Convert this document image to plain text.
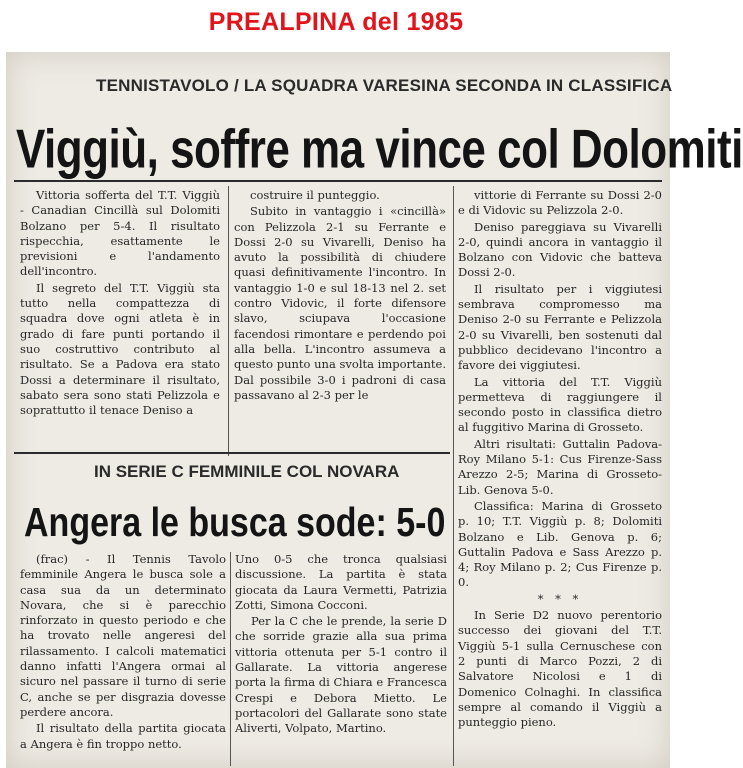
PREALPINA del 1985
TENNISTAVOLO / LA SQUADRA VARESINA SECONDA IN CLASSIFICA
Viggiù, soffre ma vince col Dolomiti

Vittoria sofferta del T.T. Viggiù - Canadian Cincillà sul Dolomiti Bolzano per 5-4. Il risultato rispecchia, esattamente le previsioni e l'andamento dell'incontro.

Il segreto del T.T. Viggiù sta tutto nella compattezza di squadra dove ogni atleta è in grado di fare punti portando il suo costruttivo contributo al risultato. Se a Padova era stato Dossi a determinare il risultato, sabato sera sono stati Pelizzola e soprattutto il tenace Deniso a

costruire il punteggio.

Subito in vantaggio i «cincillà» con Pelizzola 2-1 su Ferrante e Dossi 2-0 su Vivarelli, Deniso ha avuto la possibilità di chiudere quasi definitivamente l'incontro. In vantaggio 1-0 e sul 18-13 nel 2. set contro Vidovic, il forte difensore slavo, sciupava l'occasione facendosi rimontare e perdendo poi alla bella. L'incontro assumeva a questo punto una svolta importante. Dal possibile 3-0 i padroni di casa passavano al 2-3 per le

vittorie di Ferrante su Dossi 2-0 e di Vidovic su Pelizzola 2-0.

Deniso pareggiava su Vivarelli 2-0, quindi ancora in vantaggio il Bolzano con Vidovic che batteva Dossi 2-0.

Il risultato per i viggiutesi sembrava compromesso ma Deniso 2-0 su Ferrante e Pelizzola 2-0 su Vivarelli, ben sostenuti dal pubblico decidevano l'incontro a favore dei viggiutesi.

La vittoria del T.T. Viggiù permetteva di raggiungere il secondo posto in classifica dietro al fuggitivo Marina di Grosseto.

Altri risultati: Guttalin Padova-Roy Milano 5-1: Cus Firenze-Sass Arezzo 2-5; Marina di Grosseto-Lib. Genova 5-0.

Classifica: Marina di Grosseto p. 10; T.T. Viggiù p. 8; Dolomiti Bolzano e Lib. Genova p. 6; Guttalin Padova e Sass Arezzo p. 4; Roy Milano p. 2; Cus Firenze p. 0.

* * *

In Serie D2 nuovo perentorio successo dei giovani del T.T. Viggiù 5-1 sulla Cernuschese con 2 punti di Marco Pozzi, 2 di Salvatore Nicolosi e 1 di Domenico Colnaghi. In classifica sempre al comando il Viggiù a punteggio pieno.

IN SERIE C FEMMINILE COL NOVARA
Angera le busca sode: 5-0

(frac) - Il Tennis Tavolo femminile Angera le busca sole a casa sua da un determinato Novara, che si è parecchio rinforzato in questo periodo e che ha trovato nelle angeresi del rilassamento. I calcoli matematici danno infatti l'Angera ormai al sicuro nel passare il turno di serie C, anche se per disgrazia dovesse perdere ancora.

Il risultato della partita giocata a Angera è fin troppo netto.

Uno 0-5 che tronca qualsiasi discussione. La partita è stata giocata da Laura Vermetti, Patrizia Zotti, Simona Cocconi.

Per la C che le prende, la serie D che sorride grazie alla sua prima vittoria ottenuta per 5-1 contro il Gallarate. La vittoria angerese porta la firma di Chiara e Francesca Crespi e Debora Mietto. Le portacolori del Gallarate sono state Aliverti, Volpato, Martino.
